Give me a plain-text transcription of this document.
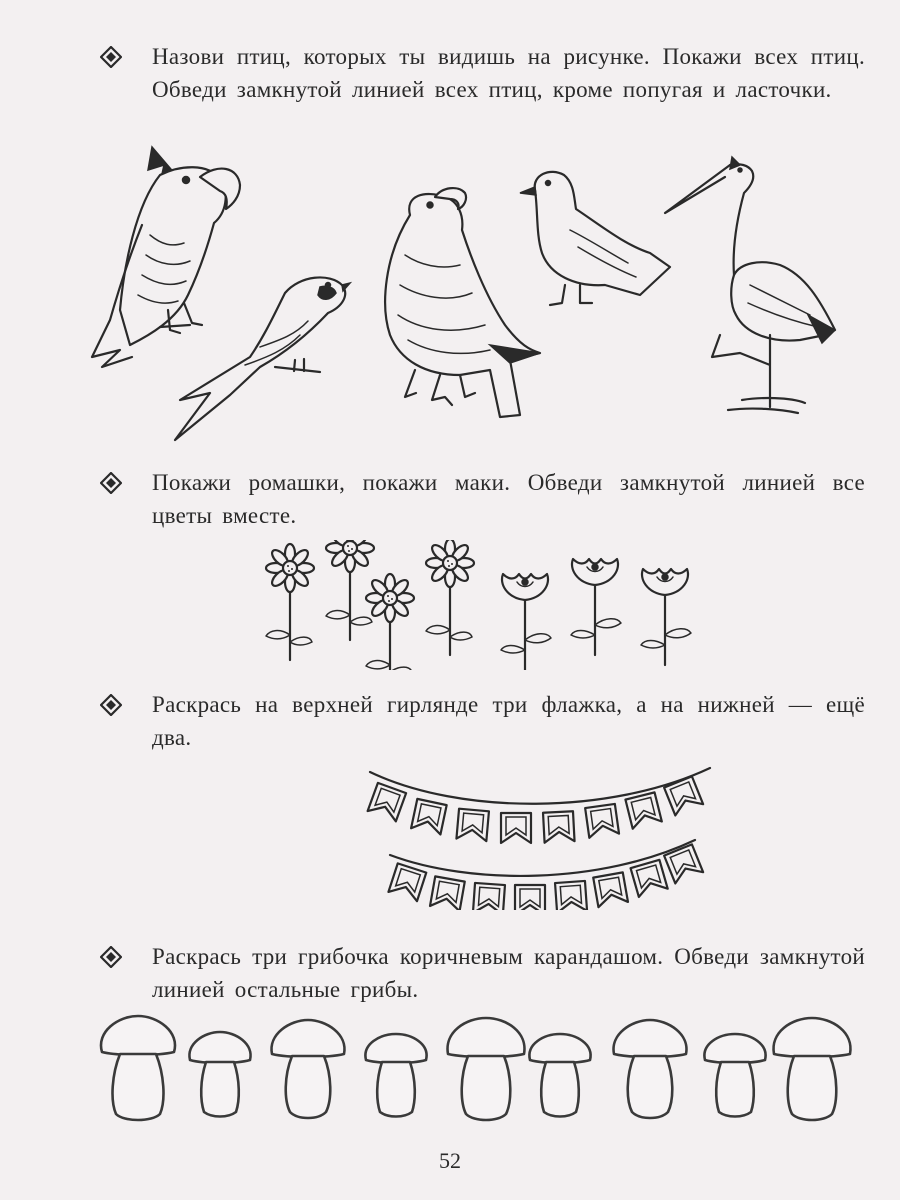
Назови птиц, которых ты видишь на рисунке. Покажи всех птиц. Обведи замкнутой линией всех птиц, кроме попугая и ласточки.

Покажи ромашки, покажи маки. Обведи замкнутой линией все цветы вместе.

Раскрась на верхней гирлянде три флажка, а на нижней — ещё два.

Раскрась три грибочка коричневым карандашом. Обведи замкнутой линией остальные грибы.

52
